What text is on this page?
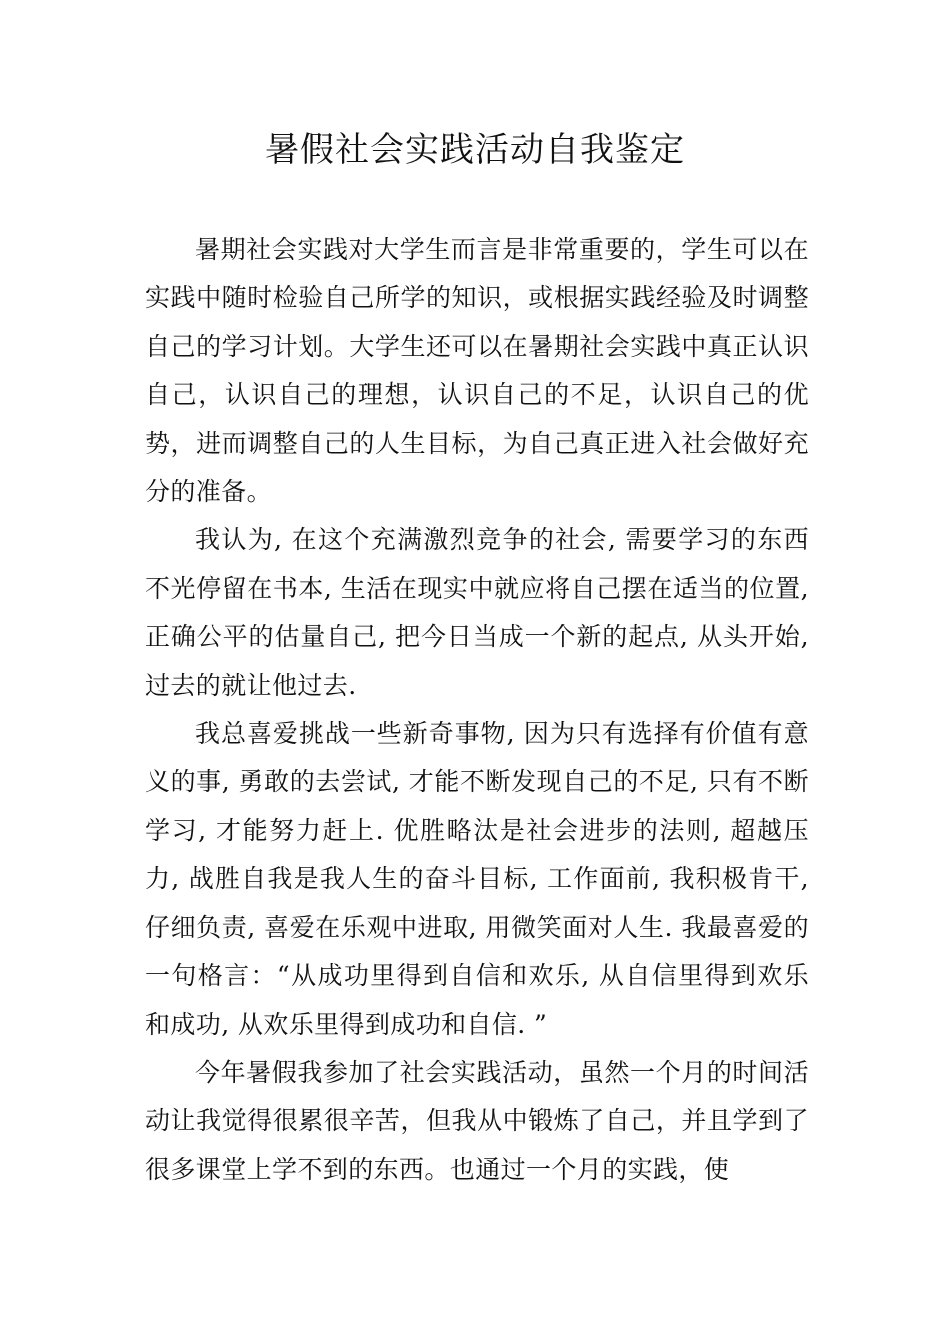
暑假社会实践活动自我鉴定

暑期社会实践对大学生而言是非常重要的，学生可以在实践中随时检验自己所学的知识，或根据实践经验及时调整自己的学习计划。大学生还可以在暑期社会实践中真正认识自己，认识自己的理想，认识自己的不足，认识自己的优势，进而调整自己的人生目标，为自己真正进入社会做好充分的准备。

我认为, 在这个充满激烈竞争的社会, 需要学习的东西不光停留在书本, 生活在现实中就应将自己摆在适当的位置, 正确公平的估量自己, 把今日当成一个新的起点, 从头开始, 过去的就让他过去.

我总喜爱挑战一些新奇事物, 因为只有选择有价值有意义的事, 勇敢的去尝试, 才能不断发现自己的不足, 只有不断学习, 才能努力赶上. 优胜略汰是社会进步的法则, 超越压力, 战胜自我是我人生的奋斗目标, 工作面前, 我积极肯干, 仔细负责, 喜爱在乐观中进取, 用微笑面对人生. 我最喜爱的一句格言：“从成功里得到自信和欢乐, 从自信里得到欢乐和成功, 从欢乐里得到成功和自信. ”

今年暑假我参加了社会实践活动，虽然一个月的时间活动让我觉得很累很辛苦，但我从中锻炼了自己，并且学到了很多课堂上学不到的东西。也通过一个月的实践，使
